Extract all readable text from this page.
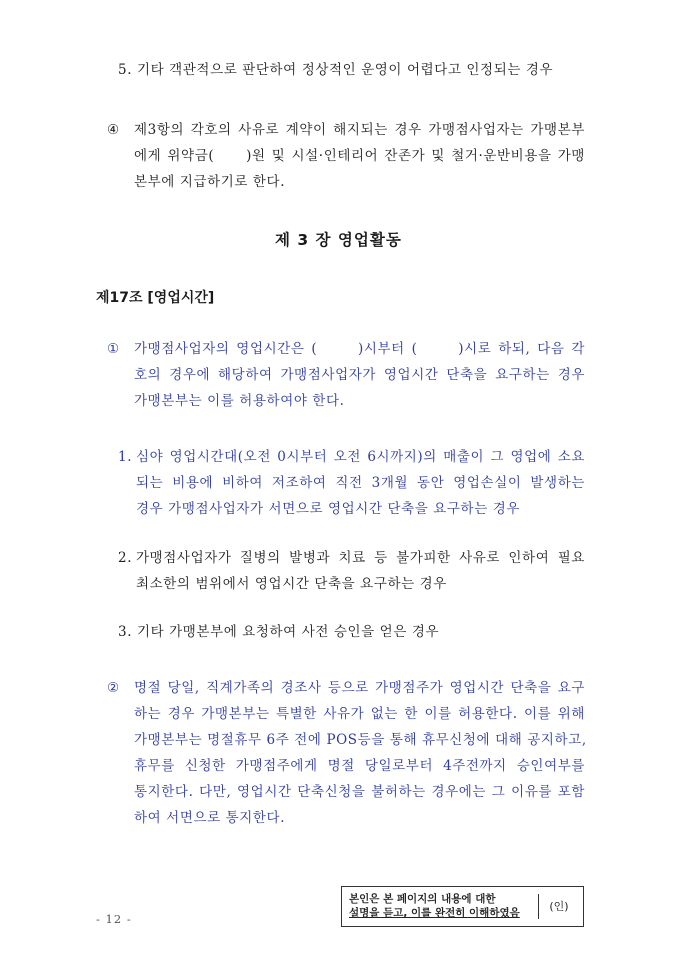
5. 기타 객관적으로 판단하여 정상적인 운영이 어렵다고 인정되는 경우
④ 제3항의 각호의 사유로 계약이 해지되는 경우 가맹점사업자는 가맹본부
에게 위약금(　　)원 및 시설·인테리어 잔존가 및 철거·운반비용을 가맹
본부에 지급하기로 한다.
제 3 장 영업활동
제17조 [영업시간]
① 가맹점사업자의 영업시간은 (　　 )시부터 (　　 )시로 하되, 다음 각
호의 경우에 해당하여 가맹점사업자가 영업시간 단축을 요구하는 경우
가맹본부는 이를 허용하여야 한다.
1. 심야 영업시간대(오전 0시부터 오전 6시까지)의 매출이 그 영업에 소요
되는 비용에 비하여 저조하여 직전 3개월 동안 영업손실이 발생하는
경우 가맹점사업자가 서면으로 영업시간 단축을 요구하는 경우
2. 가맹점사업자가 질병의 발병과 치료 등 불가피한 사유로 인하여 필요
최소한의 범위에서 영업시간 단축을 요구하는 경우
3. 기타 가맹본부에 요청하여 사전 승인을 얻은 경우
② 명절 당일, 직계가족의 경조사 등으로 가맹점주가 영업시간 단축을 요구
하는 경우 가맹본부는 특별한 사유가 없는 한 이를 허용한다. 이를 위해
가맹본부는 명절휴무 6주 전에 POS등을 통해 휴무신청에 대해 공지하고,
휴무를 신청한 가맹점주에게 명절 당일로부터 4주전까지 승인여부를
통지한다. 다만, 영업시간 단축신청을 불허하는 경우에는 그 이유를 포함
하여 서면으로 통지한다.
본인은 본 페이지의 내용에 대한
설명을 듣고, 이를 완전히 이해하였음	(인)
- 12 -
